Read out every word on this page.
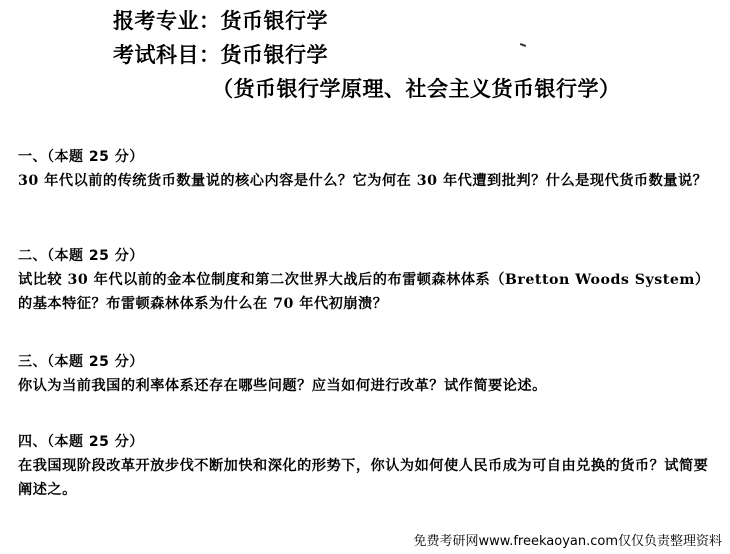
报考专业：货币银行学
考试科目：货币银行学
（货币银行学原理、社会主义货币银行学）
一、（本题 25 分）
30 年代以前的传统货币数量说的核心内容是什么？它为何在 30 年代遭到批判？什么是现代货币数量说？
二、（本题 25 分）
试比较 30 年代以前的金本位制度和第二次世界大战后的布雷顿森林体系（Bretton Woods System）的基本特征？布雷顿森林体系为什么在 70 年代初崩溃？
三、（本题 25 分）
你认为当前我国的利率体系还存在哪些问题？应当如何进行改革？试作简要论述。
四、（本题 25 分）
在我国现阶段改革开放步伐不断加快和深化的形势下，你认为如何使人民币成为可自由兑换的货币？试简要阐述之。
免费考研网www.freekaoyan.com仅仅负责整理资料
